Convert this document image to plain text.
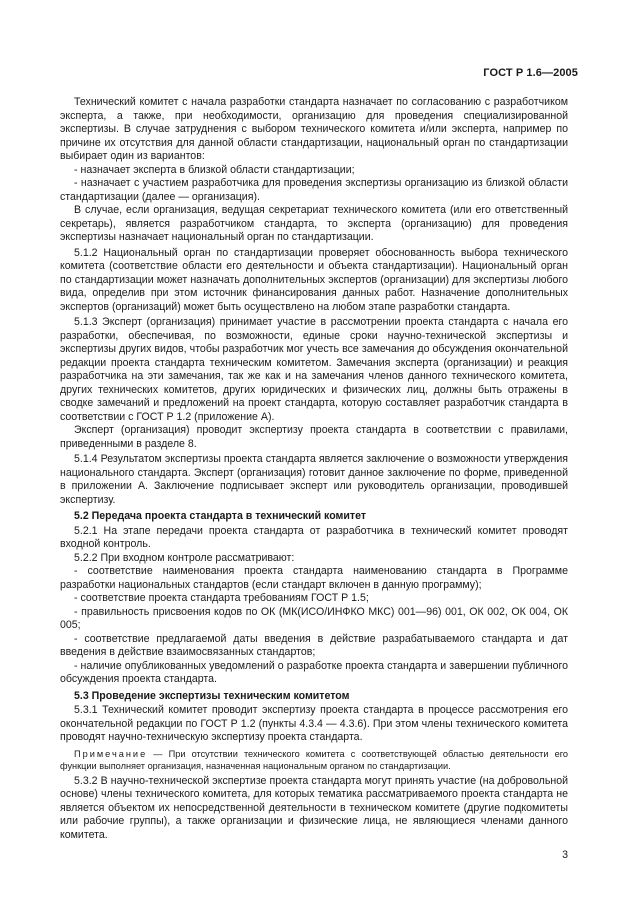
ГОСТ Р 1.6—2005

Технический комитет с начала разработки стандарта назначает по согласованию с разработчиком эксперта, а также, при необходимости, организацию для проведения специализированной экспертизы. В случае затруднения с выбором технического комитета и/или эксперта, например по причине их отсутствия для данной области стандартизации, национальный орган по стандартизации выбирает один из вариантов:

- назначает эксперта в близкой области стандартизации;

- назначает с участием разработчика для проведения экспертизы организацию из близкой области стандартизации (далее — организация).

В случае, если организация, ведущая секретариат технического комитета (или его ответственный секретарь), является разработчиком стандарта, то эксперта (организацию) для проведения экспертизы назначает национальный орган по стандартизации.

5.1.2 Национальный орган по стандартизации проверяет обоснованность выбора технического комитета (соответствие области его деятельности и объекта стандартизации). Национальный орган по стандартизации может назначать дополнительных экспертов (организации) для экспертизы любого вида, определив при этом источник финансирования данных работ. Назначение дополнительных экспертов (организаций) может быть осуществлено на любом этапе разработки стандарта.

5.1.3 Эксперт (организация) принимает участие в рассмотрении проекта стандарта с начала его разработки, обеспечивая, по возможности, единые сроки научно-технической экспертизы и экспертизы других видов, чтобы разработчик мог учесть все замечания до обсуждения окончательной редакции проекта стандарта техническим комитетом. Замечания эксперта (организации) и реакция разработчика на эти замечания, так же как и на замечания членов данного технического комитета, других технических комитетов, других юридических и физических лиц, должны быть отражены в сводке замечаний и предложений на проект стандарта, которую составляет разработчик стандарта в соответствии с ГОСТ Р 1.2 (приложение А).

Эксперт (организация) проводит экспертизу проекта стандарта в соответствии с правилами, приведенными в разделе 8.

5.1.4 Результатом экспертизы проекта стандарта является заключение о возможности утверждения национального стандарта. Эксперт (организация) готовит данное заключение по форме, приведенной в приложении А. Заключение подписывает эксперт или руководитель организации, проводившей экспертизу.

5.2 Передача проекта стандарта в технический комитет

5.2.1 На этапе передачи проекта стандарта от разработчика в технический комитет проводят входной контроль.

5.2.2 При входном контроле рассматривают:

- соответствие наименования проекта стандарта наименованию стандарта в Программе разработки национальных стандартов (если стандарт включен в данную программу);

- соответствие проекта стандарта требованиям ГОСТ Р 1.5;

- правильность присвоения кодов по ОК (МК(ИСО/ИНФКО МКС) 001—96) 001, ОК 002, ОК 004, ОК 005;

- соответствие предлагаемой даты введения в действие разрабатываемого стандарта и дат введения в действие взаимосвязанных стандартов;

- наличие опубликованных уведомлений о разработке проекта стандарта и завершении публичного обсуждения проекта стандарта.

5.3 Проведение экспертизы техническим комитетом

5.3.1 Технический комитет проводит экспертизу проекта стандарта в процессе рассмотрения его окончательной редакции по ГОСТ Р 1.2 (пункты 4.3.4 — 4.3.6). При этом члены технического комитета проводят научно-техническую экспертизу проекта стандарта.

Примечание — При отсутствии технического комитета с соответствующей областью деятельности его функции выполняет организация, назначенная национальным органом по стандартизации.

5.3.2 В научно-технической экспертизе проекта стандарта могут принять участие (на добровольной основе) члены технического комитета, для которых тематика рассматриваемого проекта стандарта не является объектом их непосредственной деятельности в техническом комитете (другие подкомитеты или рабочие группы), а также организации и физические лица, не являющиеся членами данного комитета.

3
